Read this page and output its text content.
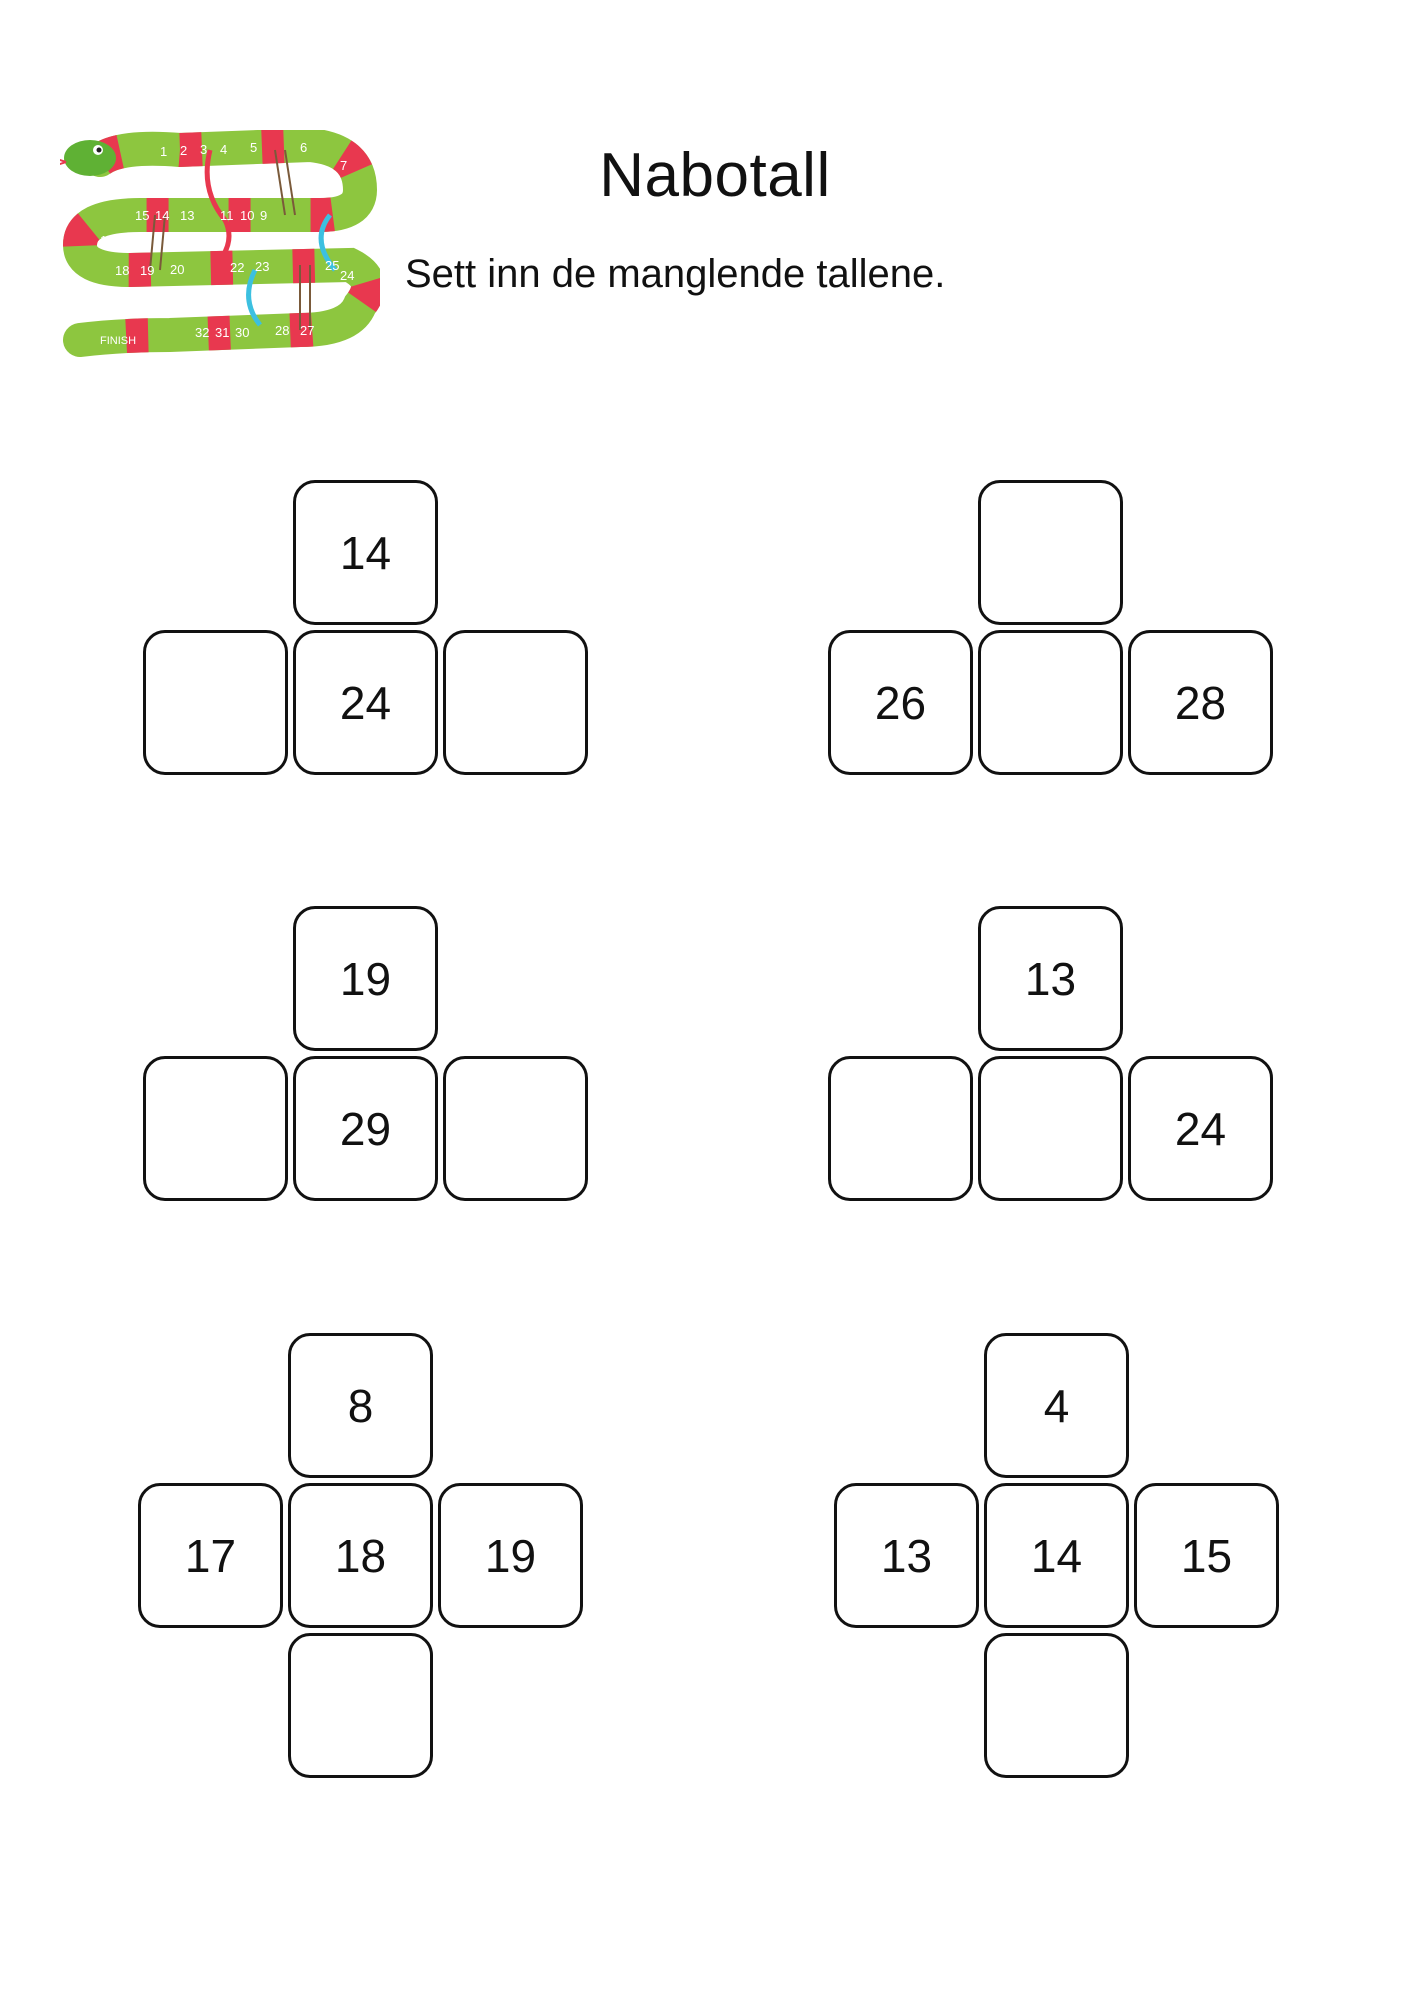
FINISH
1 2 3 4 5	6
7
9
10
11
13
14
15
16
18 19 20	22 23
24
25
27
28
30
31
32
Nabotall
Sett inn de manglende tallene.
14
24	26	28
19
29
13
24
8
17	18	19
4
13	14	15
